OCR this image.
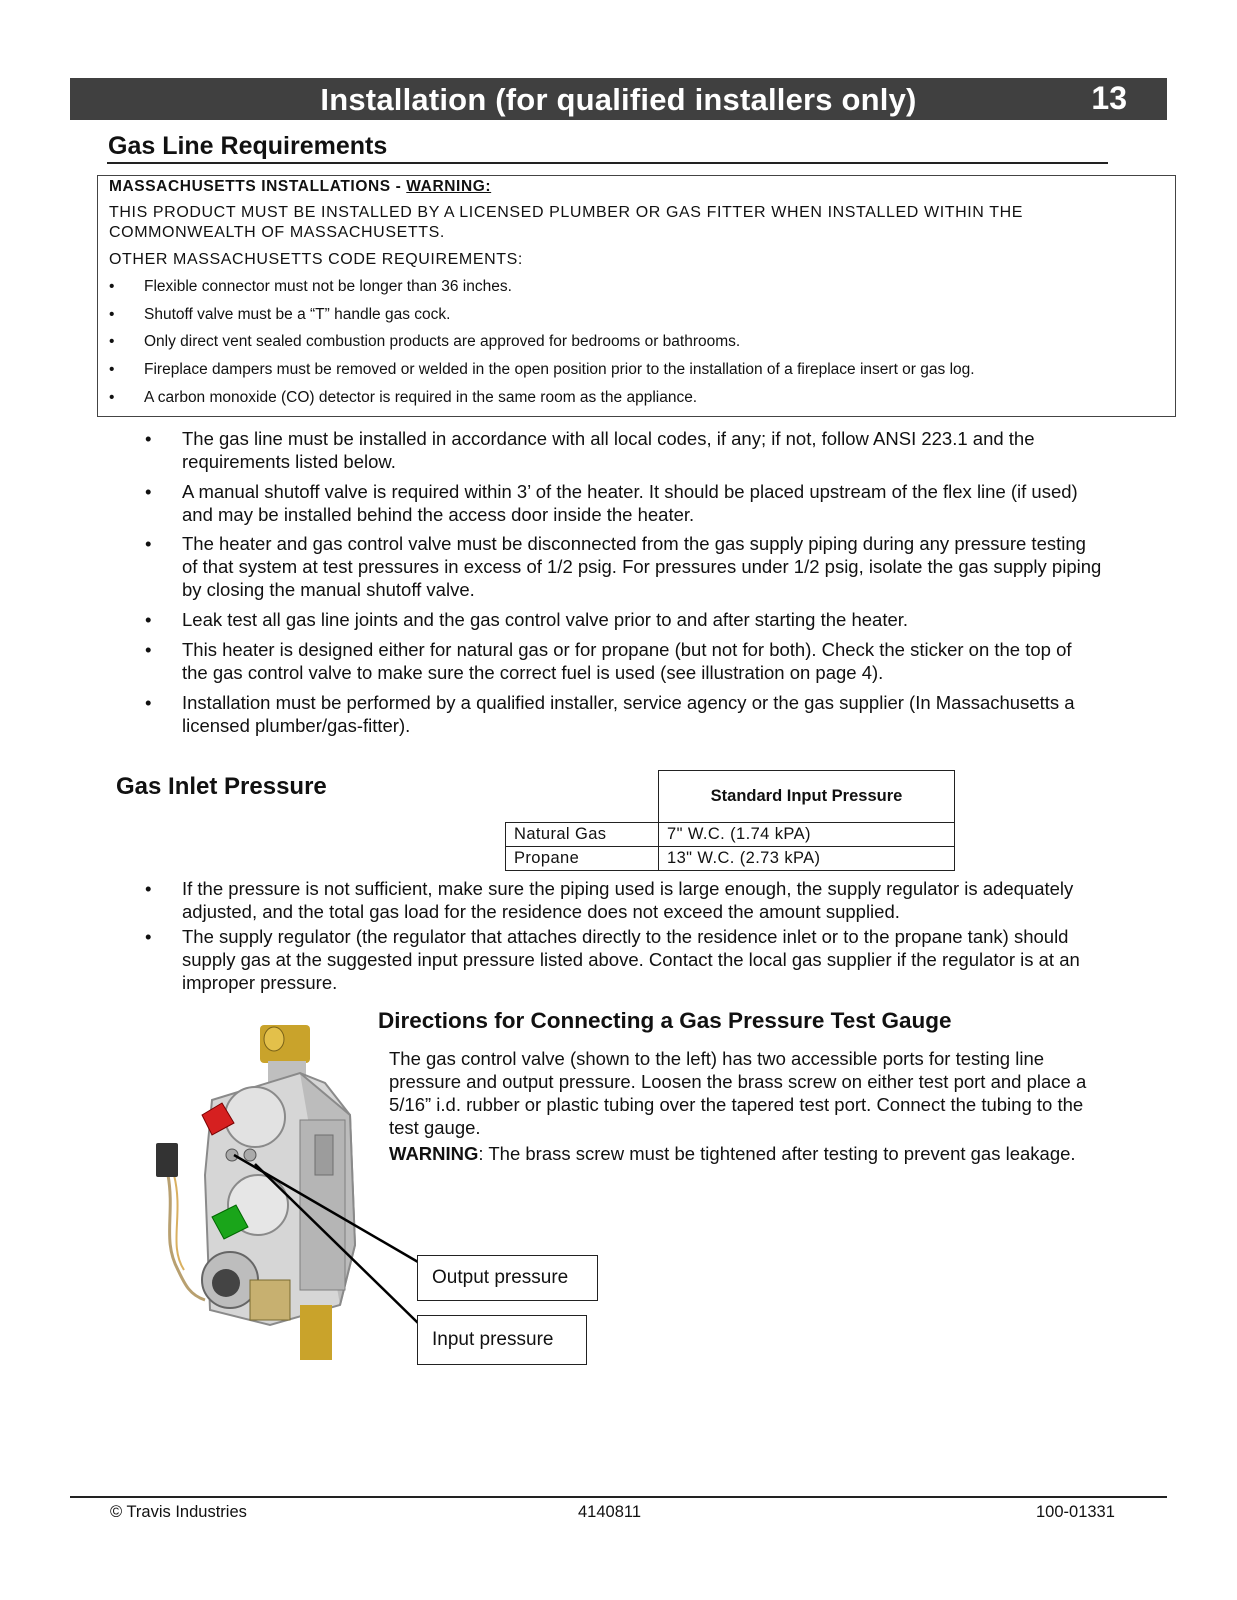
Installation (for qualified installers only)	13
Gas Line Requirements
MASSACHUSETTS INSTALLATIONS - WARNING:
THIS PRODUCT MUST BE INSTALLED BY A LICENSED PLUMBER OR GAS FITTER WHEN INSTALLED WITHIN THE
COMMONWEALTH OF MASSACHUSETTS.
OTHER MASSACHUSETTS CODE REQUIREMENTS:
• Flexible connector must not be longer than 36 inches.
• Shutoff valve must be a “T” handle gas cock.
• Only direct vent sealed combustion products are approved for bedrooms or bathrooms.
• Fireplace dampers must be removed or welded in the open position prior to the installation of a fireplace insert or gas log.
• A carbon monoxide (CO) detector is required in the same room as the appliance.
• The gas line must be installed in accordance with all local codes, if any; if not, follow ANSI 223.1 and the requirements listed below.
• A manual shutoff valve is required within 3’ of the heater. It should be placed upstream of the flex line (if used) and may be installed behind the access door inside the heater.
• The heater and gas control valve must be disconnected from the gas supply piping during any pressure testing of that system at test pressures in excess of 1/2 psig. For pressures under 1/2 psig, isolate the gas supply piping by closing the manual shutoff valve.
• Leak test all gas line joints and the gas control valve prior to and after starting the heater.
• This heater is designed either for natural gas or for propane (but not for both). Check the sticker on the top of the gas control valve to make sure the correct fuel is used (see illustration on page 4).
• Installation must be performed by a qualified installer, service agency or the gas supplier (In Massachusetts a licensed plumber/gas-fitter).
Gas Inlet Pressure	Standard Input Pressure
Natural Gas	7" W.C. (1.74 kPA)
Propane	13" W.C. (2.73 kPA)
• If the pressure is not sufficient, make sure the piping used is large enough, the supply regulator is adequately adjusted, and the total gas load for the residence does not exceed the amount supplied.
• The supply regulator (the regulator that attaches directly to the residence inlet or to the propane tank) should supply gas at the suggested input pressure listed above. Contact the local gas supplier if the regulator is at an improper pressure.
Directions for Connecting a Gas Pressure Test Gauge
The gas control valve (shown to the left) has two accessible ports for testing line pressure and output pressure. Loosen the brass screw on either test port and place a 5/16” i.d. rubber or plastic tubing over the tapered test port. Connect the tubing to the test gauge.
WARNING: The brass screw must be tightened after testing to prevent gas leakage.
Output pressure
Input pressure
© Travis Industries	4140811	100-01331
